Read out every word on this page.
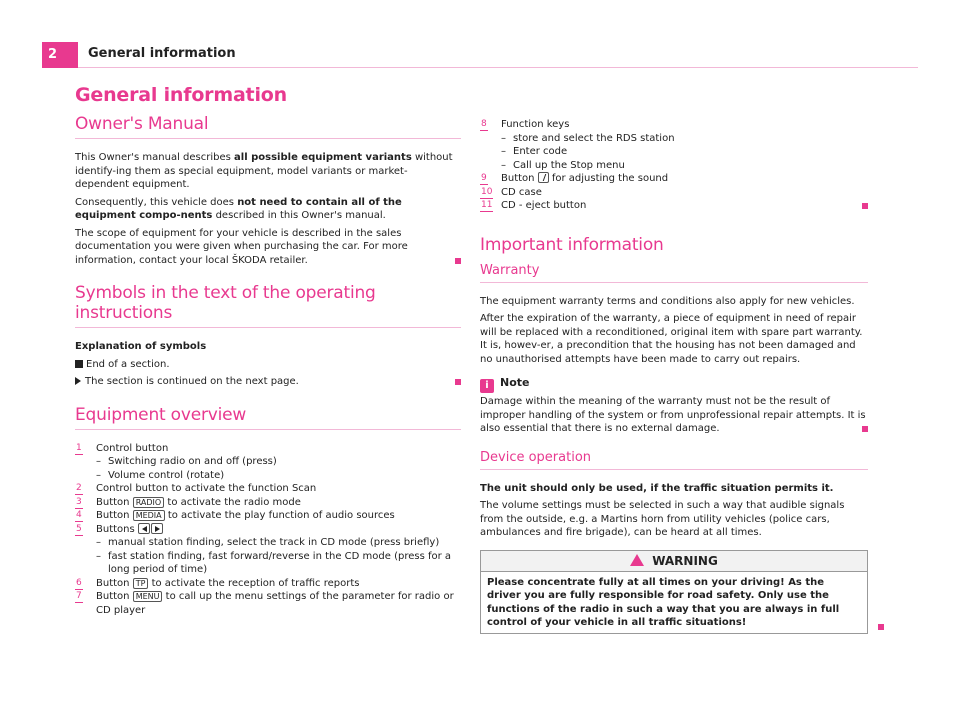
2	General information
General information
Owner's Manual

This Owner's manual describes all possible equipment variants without identify-ing them as special equipment, model variants or market-dependent equipment.

Consequently, this vehicle does not need to contain all of the equipment compo-nents described in this Owner's manual.

The scope of equipment for your vehicle is described in the sales documentation you were given when purchasing the car. For more information, contact your local ŠKODA retailer.

Symbols in the text of the operating instructions

Explanation of symbols

End of a section.

The section is continued on the next page.

Equipment overview
1 Control button
– Switching radio on and off (press)
– Volume control (rotate)
2 Control button to activate the function Scan
3 Button RADIO to activate the radio mode
4 Button MEDIA to activate the play function of audio sources
5 Buttons
– manual station finding, select the track in CD mode (press briefly)
– fast station finding, fast forward/reverse in the CD mode (press for a long period of time)
6 Button TP to activate the reception of traffic reports
7 Button MENU to call up the menu settings of the parameter for radio or CD player
8 Function keys
– store and select the RDS station
– Enter code
– Call up the Stop menu
9 Button  for adjusting the sound
10 CD case
11 CD - eject button
Important information
Warranty

The equipment warranty terms and conditions also apply for new vehicles.

After the expiration of the warranty, a piece of equipment in need of repair will be replaced with a reconditioned, original item with spare part warranty. It is, howev-er, a precondition that the housing has not been damaged and no unauthorised attempts have been made to carry out repairs.

i Note

Damage within the meaning of the warranty must not be the result of improper handling of the system or from unprofessional repair attempts. It is also essential that there is no external damage.

Device operation

The unit should only be used, if the traffic situation permits it.

The volume settings must be selected in such a way that audible signals from the outside, e.g. a Martins horn from utility vehicles (police cars, ambulances and fire brigade), can be heard at all times.

WARNING
Please concentrate fully at all times on your driving! As the driver you are fully responsible for road safety. Only use the functions of the radio in such a way that you are always in full control of your vehicle in all traffic situations!
